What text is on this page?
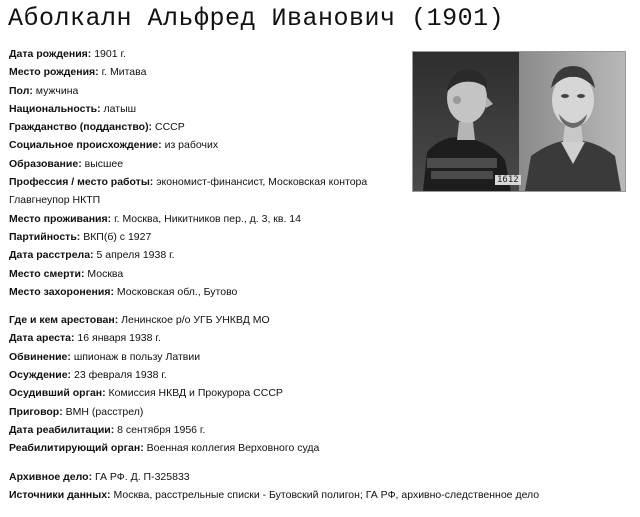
Аболкалн Альфред Иванович (1901)
1612
Дата рождения: 1901 г.
Место рождения: г. Митава
Пол: мужчина
Национальность: латыш
Гражданство (подданство): СССР
Социальное происхождение: из рабочих
Образование: высшее
Профессия / место работы: экономист-финансист, Московская контора Главгнеупор НКТП
Место проживания: г. Москва, Никитников пер., д. 3, кв. 14
Партийность: ВКП(б) с 1927
Дата расстрела: 5 апреля 1938 г.
Место смерти: Москва
Место захоронения: Московская обл., Бутово
Где и кем арестован: Ленинское р/о УГБ УНКВД МО
Дата ареста: 16 января 1938 г.
Обвинение: шпионаж в пользу Латвии
Осуждение: 23 февраля 1938 г.
Осудивший орган: Комиссия НКВД и Прокурора СССР
Приговор: ВМН (расстрел)
Дата реабилитации: 8 сентября 1956 г.
Реабилитирующий орган: Военная коллегия Верховного суда
Архивное дело: ГА РФ. Д. П-325833
Источники данных: Москва, расстрельные списки - Бутовский полигон; ГА РФ, архивно-следственное дело
